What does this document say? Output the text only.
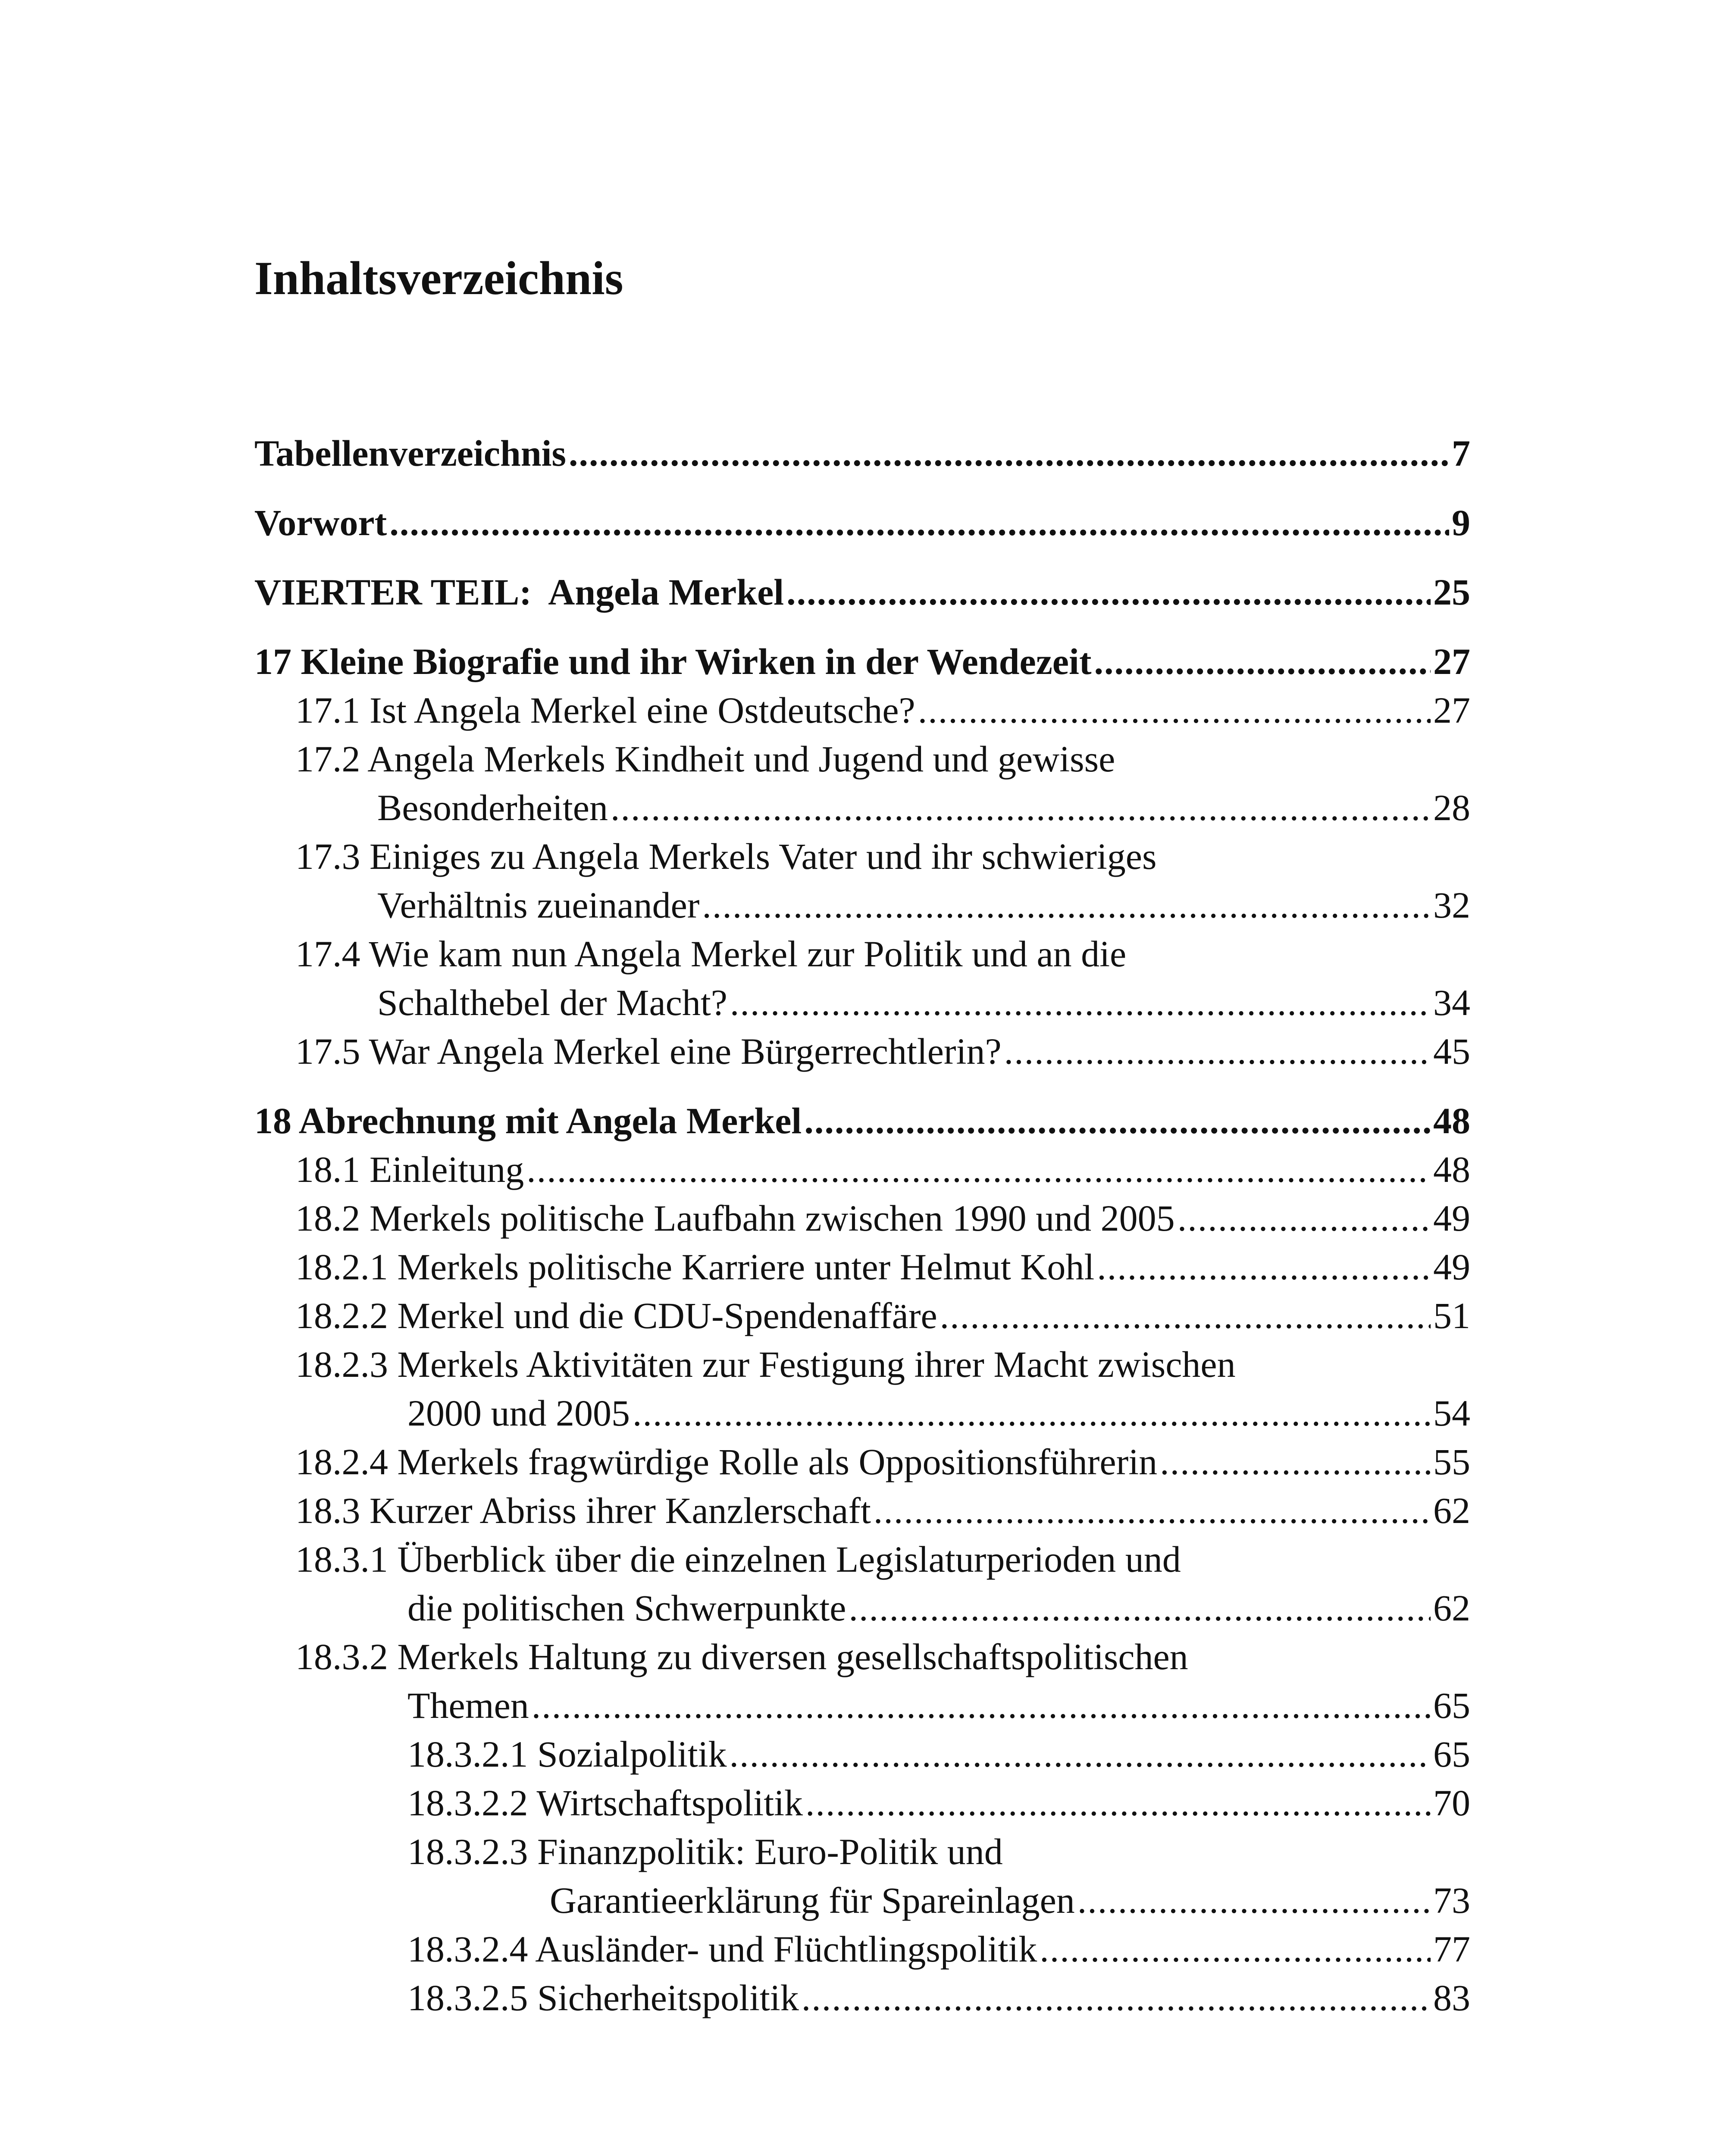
Inhaltsverzeichnis
Tabellenverzeichnis .....	7
Vorwort .....	9
VIERTER TEIL:  Angela Merkel .....	25
17 Kleine Biografie und ihr Wirken in der Wendezeit .....	27
17.1 Ist Angela Merkel eine Ostdeutsche? .....	27
17.2 Angela Merkels Kindheit und Jugend und gewisse
Besonderheiten .....	28
17.3 Einiges zu Angela Merkels Vater und ihr schwieriges
Verhältnis zueinander .....	32
17.4 Wie kam nun Angela Merkel zur Politik und an die
Schalthebel der Macht? .....	34
17.5 War Angela Merkel eine Bürgerrechtlerin? .....	45
18 Abrechnung mit Angela Merkel .....	48
18.1 Einleitung .....	48
18.2 Merkels politische Laufbahn zwischen 1990 und 2005 .....	49
18.2.1 Merkels politische Karriere unter Helmut Kohl .....	49
18.2.2 Merkel und die CDU-Spendenaffäre .....	51
18.2.3 Merkels Aktivitäten zur Festigung ihrer Macht zwischen
2000 und 2005 .....	54
18.2.4 Merkels fragwürdige Rolle als Oppositionsführerin .....	55
18.3 Kurzer Abriss ihrer Kanzlerschaft .....	62
18.3.1 Überblick über die einzelnen Legislaturperioden und
die politischen Schwerpunkte .....	62
18.3.2 Merkels Haltung zu diversen gesellschaftspolitischen
Themen .....	65
18.3.2.1 Sozialpolitik .....	65
18.3.2.2 Wirtschaftspolitik .....	70
18.3.2.3 Finanzpolitik: Euro-Politik und
Garantieerklärung für Spareinlagen .....	73
18.3.2.4 Ausländer- und Flüchtlingspolitik .....	77
18.3.2.5 Sicherheitspolitik .....	83
